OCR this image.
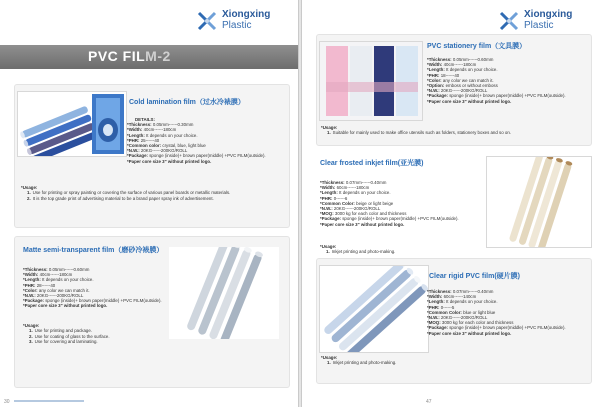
Xiongxing Plastic
PVC FILM-2
Cold lamination film（过水冷裱膜）
DETAILS:
*Thickness: 0.05mm------0.30mm
*Width: 40cm------180cm
*Length: It depends on your choice.
*PHR: 25------40
*Common color: crystal, blue, light blue
*N.W.: 20KG------200KG/ROLL
*Package: sponge (inside)+ brown paper(middle) +PVC FILM(outside).
*Paper core size 3" without printed logo.
*Usage:
1. Use for printing or spray painting or covering the surface of various panel boards or metallic materials.
2. It is the top grade print of advertising material to be a brand paper spray ink of advertisement.
Matte semi-transparent film（磨砂冷裱膜）
*Thickness: 0.05mm------0.60mm
*Width: 40cm------180cm
*Length: It depends on your choice.
*PHR: 28------40
*Color: any color we can match it.
*N.W.: 20KG------200KG/ROLL
*Package: sponge (inside)+ brown paper(middle) +PVC FILM(outside).
*Paper core size 3" without printed logo.
*Usage:
1. Use for printing and package.
2. Use for coating of glass to the surface.
3. Use for covering and laminating.
30
Xiongxing Plastic
PVC stationery film（文具膜）
*Thickness: 0.05mm------0.60mm
*Width: 40cm------180cm
*Length: It depends on your choice.
*PHR: 18------40
*Color: any color we can match it.
*Option: emboss or without emboss
*N.W.: 20KG------200KG/ROLL
*Package: sponge (inside)+ brown paper(middle) +PVC FILM(outside).
*Paper core size 3" without printed logo.
*Usage:
1. Suitable for mainly used to make office utensils such as folders, stationery boxes and so on.
Clear frosted inkjet film(亚光膜)
*Thickness: 0.07mm------0.40mm
*Width: 60cm------180cm
*Length: It depends on your choice.
*PHR: 0------6
*Common Color: beige or light beige
*N.W.: 20KG------200KG/ROLL
*MOQ: 3000 kg for each color and thickness
*Package: sponge (inside)+ brown paper(middle) +PVC FILM(outside).
*Paper core size 3" without printed logo.
*Usage:
1. Inkjet printing and photo-making.
Clear rigid PVC film(硬片膜)
*Thickness: 0.07mm------0.40mm
*Width: 60cm------140cm
*Length: It depends on your choice.
*PHR: 0------5
*Common Color: blue or light blue
*N.W.: 20KG------200KG/ROLL
*MOQ: 3000 kg for each color and thickness
*Package: sponge (inside)+ brown paper(middle) +PVC FILM(outside).
*Paper core size 3" without printed logo.
*Usage:
1. Inkjet printing and photo-making.
47
